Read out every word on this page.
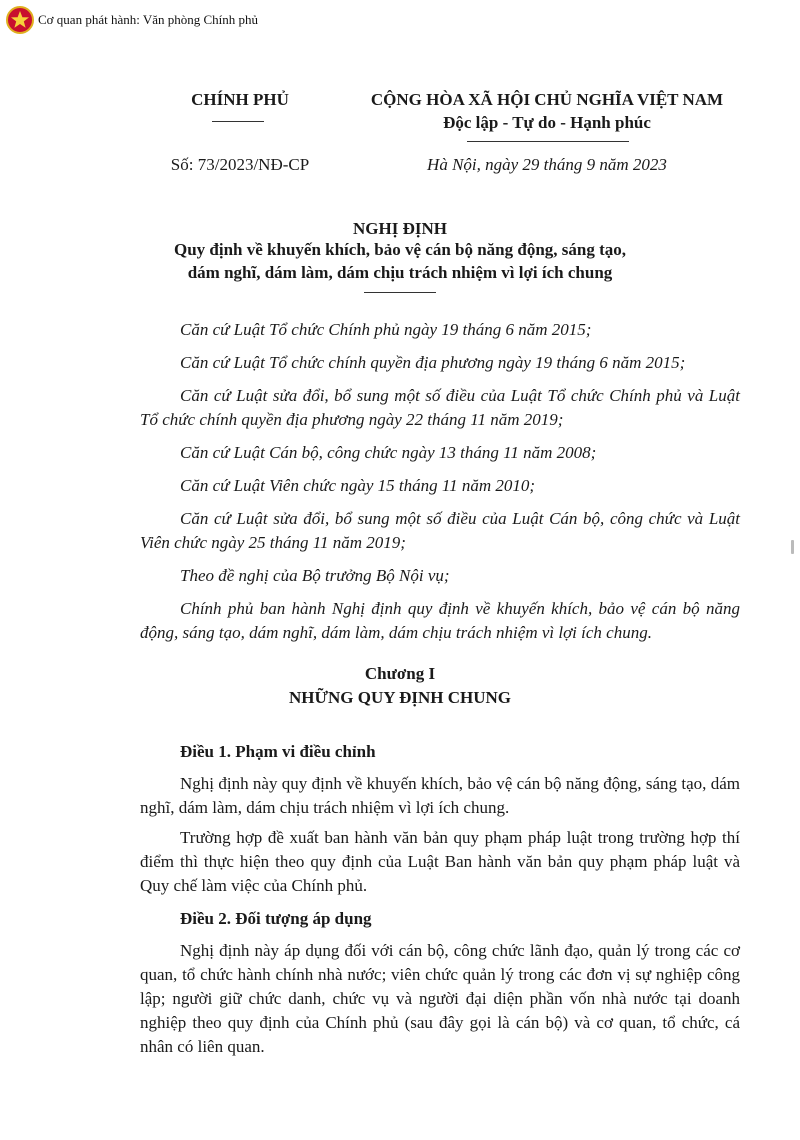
Cơ quan phát hành: Văn phòng Chính phủ
CHÍNH PHỦ
Số: 73/2023/NĐ-CP
CỘNG HÒA XÃ HỘI CHỦ NGHĨA VIỆT NAM
Độc lập - Tự do - Hạnh phúc
Hà Nội, ngày 29 tháng 9 năm 2023
NGHỊ ĐỊNH
Quy định về khuyến khích, bảo vệ cán bộ năng động, sáng tạo,
dám nghĩ, dám làm, dám chịu trách nhiệm vì lợi ích chung
Căn cứ Luật Tổ chức Chính phủ ngày 19 tháng 6 năm 2015;
Căn cứ Luật Tổ chức chính quyền địa phương ngày 19 tháng 6 năm 2015;
Căn cứ Luật sửa đổi, bổ sung một số điều của Luật Tổ chức Chính phủ và Luật Tổ chức chính quyền địa phương ngày 22 tháng 11 năm 2019;
Căn cứ Luật Cán bộ, công chức ngày 13 tháng 11 năm 2008;
Căn cứ Luật Viên chức ngày 15 tháng 11 năm 2010;
Căn cứ Luật sửa đổi, bổ sung một số điều của Luật Cán bộ, công chức và Luật Viên chức ngày 25 tháng 11 năm 2019;
Theo đề nghị của Bộ trưởng Bộ Nội vụ;
Chính phủ ban hành Nghị định quy định về khuyến khích, bảo vệ cán bộ năng động, sáng tạo, dám nghĩ, dám làm, dám chịu trách nhiệm vì lợi ích chung.
Chương I
NHỮNG QUY ĐỊNH CHUNG
Điều 1. Phạm vi điều chỉnh
Nghị định này quy định về khuyến khích, bảo vệ cán bộ năng động, sáng tạo, dám nghĩ, dám làm, dám chịu trách nhiệm vì lợi ích chung.
Trường hợp đề xuất ban hành văn bản quy phạm pháp luật trong trường hợp thí điểm thì thực hiện theo quy định của Luật Ban hành văn bản quy phạm pháp luật và Quy chế làm việc của Chính phủ.
Điều 2. Đối tượng áp dụng
Nghị định này áp dụng đối với cán bộ, công chức lãnh đạo, quản lý trong các cơ quan, tổ chức hành chính nhà nước; viên chức quản lý trong các đơn vị sự nghiệp công lập; người giữ chức danh, chức vụ và người đại diện phần vốn nhà nước tại doanh nghiệp theo quy định của Chính phủ (sau đây gọi là cán bộ) và cơ quan, tổ chức, cá nhân có liên quan.
